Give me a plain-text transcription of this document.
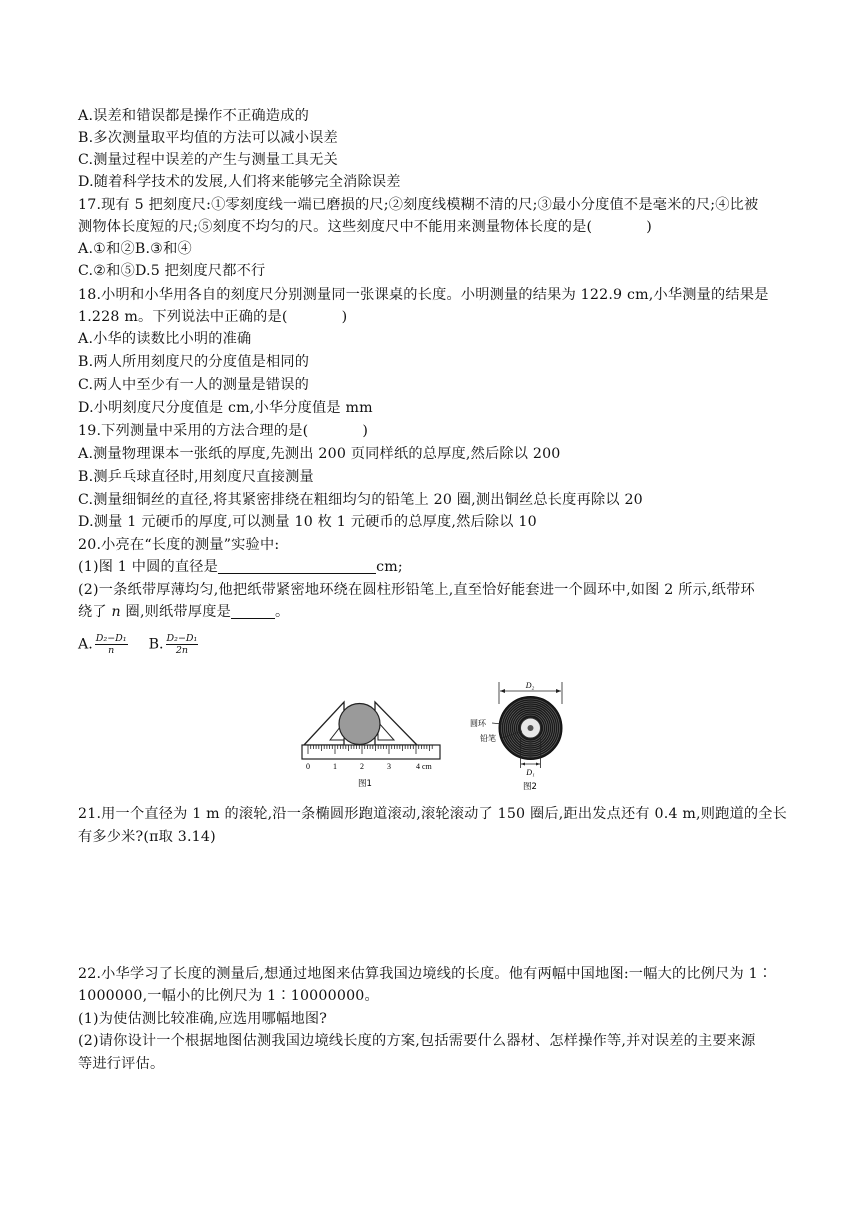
A.误差和错误都是操作不正确造成的
B.多次测量取平均值的方法可以减小误差
C.测量过程中误差的产生与测量工具无关
D.随着科学技术的发展,人们将来能够完全消除误差
17.现有 5 把刻度尺:①零刻度线一端已磨损的尺;②刻度线模糊不清的尺;③最小分度值不是毫米的尺;④比被
测物体长度短的尺;⑤刻度不均匀的尺。这些刻度尺中不能用来测量物体长度的是(	)
A.①和②B.③和④
C.②和⑤D.5 把刻度尺都不行
18.小明和小华用各自的刻度尺分别测量同一张课桌的长度。小明测量的结果为 122.9 cm,小华测量的结果是
1.228 m。下列说法中正确的是(	)
A.小华的读数比小明的准确
B.两人所用刻度尺的分度值是相同的
C.两人中至少有一人的测量是错误的
D.小明刻度尺分度值是 cm,小华分度值是 mm
19.下列测量中采用的方法合理的是(	)
A.测量物理课本一张纸的厚度,先测出 200 页同样纸的总厚度,然后除以 200
B.测乒乓球直径时,用刻度尺直接测量
C.测量细铜丝的直径,将其紧密排绕在粗细均匀的铅笔上 20 圈,测出铜丝总长度再除以 20
D.测量 1 元硬币的厚度,可以测量 10 枚 1 元硬币的总厚度,然后除以 10
20.小亮在“长度的测量”实验中:
(1)图 1 中圆的直径是	cm;
(2)一条纸带厚薄均匀,他把纸带紧密地环绕在圆柱形铅笔上,直至恰好能套进一个圆环中,如图 2 所示,纸带环
绕了 n 圈,则纸带厚度是	。
A. $\frac{\text{D₂−D₁}}{n} B$. $\frac{\text{D₂−D₁}}{2n}$
0	1	2	3	4 cm
图1
D₂
圆环
铅笔
D₁
图2
21.用一个直径为 1 m 的滚轮,沿一条椭圆形跑道滚动,滚轮滚动了 150 圈后,距出发点还有 0.4 m,则跑道的全长
有多少米?(π取 3.14)
22.小华学习了长度的测量后,想通过地图来估算我国边境线的长度。他有两幅中国地图:一幅大的比例尺为 1∶
1000000,一幅小的比例尺为 1∶10000000。
(1)为使估测比较准确,应选用哪幅地图?
(2)请你设计一个根据地图估测我国边境线长度的方案,包括需要什么器材、怎样操作等,并对误差的主要来源
等进行评估。
